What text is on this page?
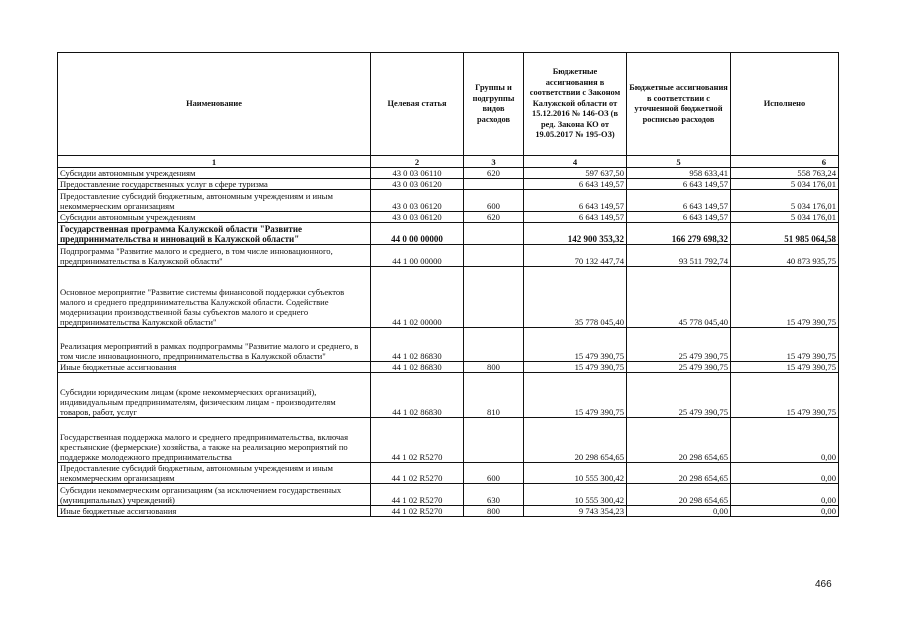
Наименование	Целевая статья	Группы и подгруппы видов расходов	Бюджетные ассигнования в соответствии с Законом Калужской области от 15.12.2016 № 146-ОЗ (в ред. Закона КО от 19.05.2017 № 195-ОЗ)	Бюджетные ассигнования в соответствии с уточненной бюджетной росписью расходов	Исполнено
1	2	3	4	5	6
Субсидии автономным учреждениям	43 0 03 06110	620	597 637,50	958 633,41	558 763,24
Предоставление государственных услуг в сфере туризма	43 0 03 06120		6 643 149,57	6 643 149,57	5 034 176,01
Предоставление субсидий бюджетным, автономным учреждениям и иным некоммерческим организациям	43 0 03 06120	600	6 643 149,57	6 643 149,57	5 034 176,01
Субсидии автономным учреждениям	43 0 03 06120	620	6 643 149,57	6 643 149,57	5 034 176,01
Государственная программа Калужской области "Развитие предпринимательства и инноваций в Калужской области"	44 0 00 00000		142 900 353,32	166 279 698,32	51 985 064,58
Подпрограмма "Развитие малого и среднего, в том числе инновационного, предпринимательства в Калужской области"	44 1 00 00000		70 132 447,74	93 511 792,74	40 873 935,75
Основное мероприятие "Развитие системы финансовой поддержки субъектов малого и среднего предпринимательства Калужской области. Содействие модернизации производственной базы субъектов малого и среднего предпринимательства Калужской области"	44 1 02 00000		35 778 045,40	45 778 045,40	15 479 390,75
Реализация мероприятий в рамках подпрограммы "Развитие малого и среднего, в том числе инновационного, предпринимательства в Калужской области"	44 1 02 86830		15 479 390,75	25 479 390,75	15 479 390,75
Иные бюджетные ассигнования	44 1 02 86830	800	15 479 390,75	25 479 390,75	15 479 390,75
Субсидии юридическим лицам (кроме некоммерческих организаций), индивидуальным предпринимателям, физическим лицам - производителям товаров, работ, услуг	44 1 02 86830	810	15 479 390,75	25 479 390,75	15 479 390,75
Государственная поддержка малого и среднего предпринимательства, включая крестьянские (фермерские) хозяйства, а также на реализацию мероприятий по поддержке молодежного предпринимательства	44 1 02 R5270		20 298 654,65	20 298 654,65	0,00
Предоставление субсидий бюджетным, автономным учреждениям и иным некоммерческим организациям	44 1 02 R5270	600	10 555 300,42	20 298 654,65	0,00
Субсидии некоммерческим организациям (за исключением государственных (муниципальных) учреждений)	44 1 02 R5270	630	10 555 300,42	20 298 654,65	0,00
Иные бюджетные ассигнования	44 1 02 R5270	800	9 743 354,23	0,00	0,00
466
